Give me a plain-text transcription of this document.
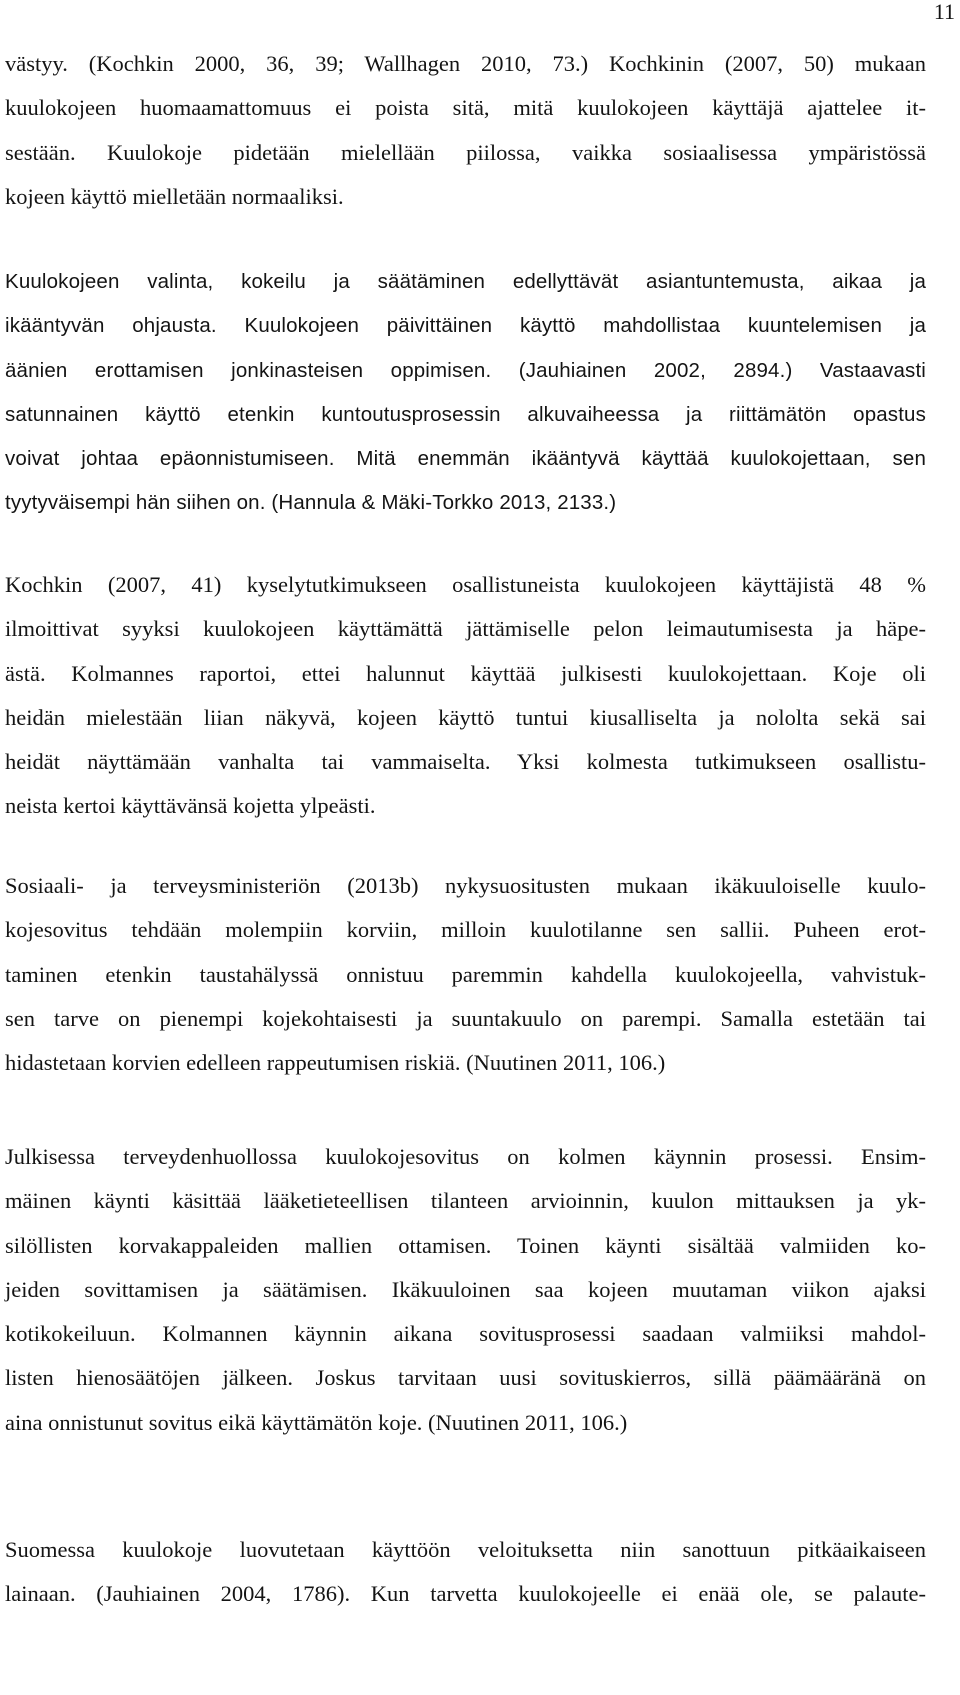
11
västyy. (Kochkin 2000, 36, 39; Wallhagen 2010, 73.) Kochkinin (2007, 50) mukaan
kuulokojeen huomaamattomuus ei poista sitä, mitä kuulokojeen käyttäjä ajattelee it-
sestään. Kuulokoje pidetään mielellään piilossa, vaikka sosiaalisessa ympäristössä
kojeen käyttö mielletään normaaliksi.
Kuulokojeen valinta, kokeilu ja säätäminen edellyttävät asiantuntemusta, aikaa ja
ikääntyvän ohjausta. Kuulokojeen päivittäinen käyttö mahdollistaa kuuntelemisen ja
äänien erottamisen jonkinasteisen oppimisen. (Jauhiainen 2002, 2894.) Vastaavasti
satunnainen käyttö etenkin kuntoutusprosessin alkuvaiheessa ja riittämätön opastus
voivat johtaa epäonnistumiseen. Mitä enemmän ikääntyvä käyttää kuulokojettaan, sen
tyytyväisempi hän siihen on. (Hannula & Mäki-Torkko 2013, 2133.)
Kochkin (2007, 41) kyselytutkimukseen osallistuneista kuulokojeen käyttäjistä 48 %
ilmoittivat syyksi kuulokojeen käyttämättä jättämiselle pelon leimautumisesta ja häpe-
ästä. Kolmannes raportoi, ettei halunnut käyttää julkisesti kuulokojettaan. Koje oli
heidän mielestään liian näkyvä, kojeen käyttö tuntui kiusalliselta ja nololta sekä sai
heidät näyttämään vanhalta tai vammaiselta. Yksi kolmesta tutkimukseen osallistu-
neista kertoi käyttävänsä kojetta ylpeästi.
Sosiaali- ja terveysministeriön (2013b) nykysuositusten mukaan ikäkuuloiselle kuulo-
kojesovitus tehdään molempiin korviin, milloin kuulotilanne sen sallii. Puheen erot-
taminen etenkin taustahälyssä onnistuu paremmin kahdella kuulokojeella, vahvistuk-
sen tarve on pienempi kojekohtaisesti ja suuntakuulo on parempi. Samalla estetään tai
hidastetaan korvien edelleen rappeutumisen riskiä. (Nuutinen 2011, 106.)
Julkisessa terveydenhuollossa kuulokojesovitus on kolmen käynnin prosessi. Ensim-
mäinen käynti käsittää lääketieteellisen tilanteen arvioinnin, kuulon mittauksen ja yk-
silöllisten korvakappaleiden mallien ottamisen. Toinen käynti sisältää valmiiden ko-
jeiden sovittamisen ja säätämisen. Ikäkuuloinen saa kojeen muutaman viikon ajaksi
kotikokeiluun. Kolmannen käynnin aikana sovitusprosessi saadaan valmiiksi mahdol-
listen hienosäätöjen jälkeen. Joskus tarvitaan uusi sovituskierros, sillä päämääränä on
aina onnistunut sovitus eikä käyttämätön koje. (Nuutinen 2011, 106.)
Suomessa kuulokoje luovutetaan käyttöön veloituksetta niin sanottuun pitkäaikaiseen
lainaan. (Jauhiainen 2004, 1786). Kun tarvetta kuulokojeelle ei enää ole, se palaute-
